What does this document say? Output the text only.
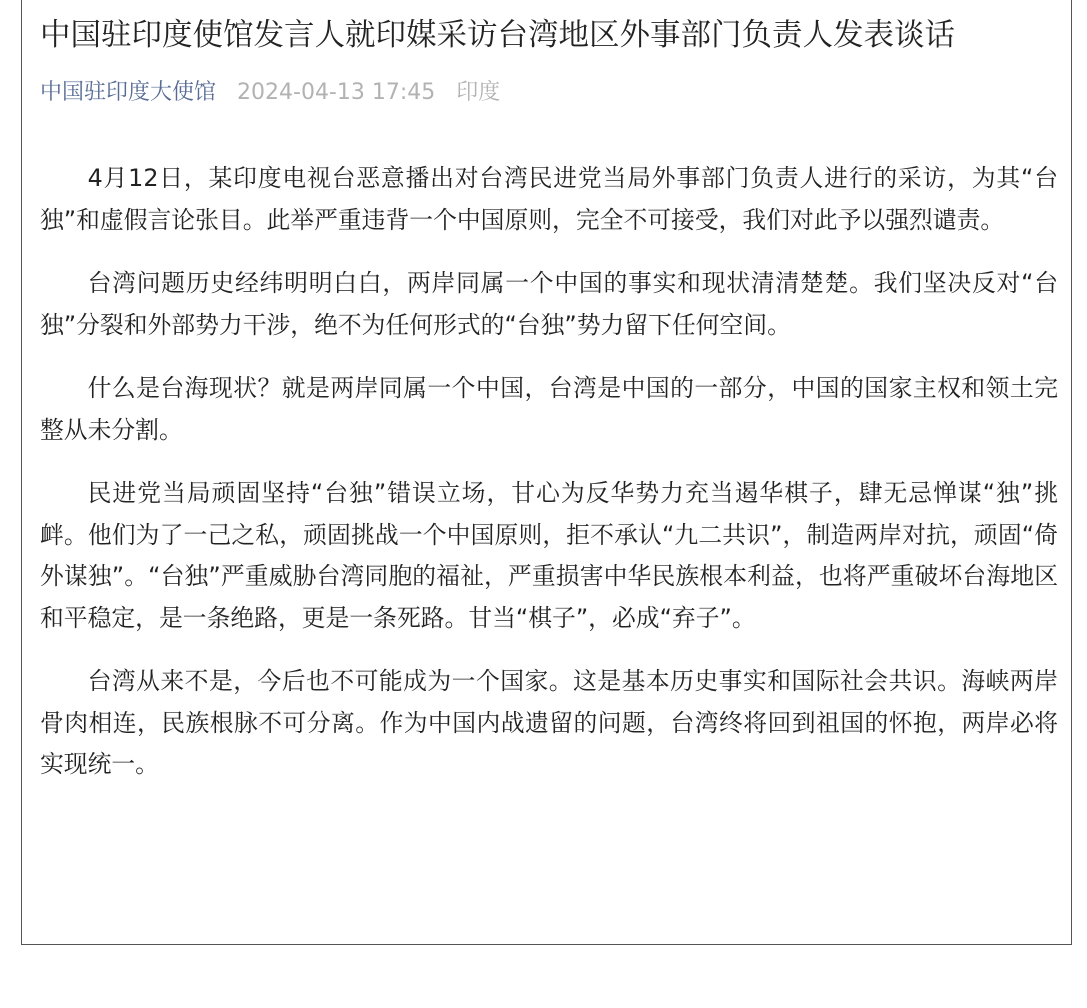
中国驻印度使馆发言人就印媒采访台湾地区外事部门负责人发表谈话
中国驻印度大使馆 2024-04-13 17:45 印度

4月12日，某印度电视台恶意播出对台湾民进党当局外事部门负责人进行的采访，为其“台独”和虚假言论张目。此举严重违背一个中国原则，完全不可接受，我们对此予以强烈谴责。

台湾问题历史经纬明明白白，两岸同属一个中国的事实和现状清清楚楚。我们坚决反对“台独”分裂和外部势力干涉，绝不为任何形式的“台独”势力留下任何空间。

什么是台海现状？就是两岸同属一个中国，台湾是中国的一部分，中国的国家主权和领土完整从未分割。

民进党当局顽固坚持“台独”错误立场，甘心为反华势力充当遏华棋子，肆无忌惮谋“独”挑衅。他们为了一己之私，顽固挑战一个中国原则，拒不承认“九二共识”，制造两岸对抗，顽固“倚外谋独”。“台独”严重威胁台湾同胞的福祉，严重损害中华民族根本利益，也将严重破坏台海地区和平稳定，是一条绝路，更是一条死路。甘当“棋子”，必成“弃子”。

台湾从来不是，今后也不可能成为一个国家。这是基本历史事实和国际社会共识。海峡两岸骨肉相连，民族根脉不可分离。作为中国内战遗留的问题，台湾终将回到祖国的怀抱，两岸必将实现统一。
